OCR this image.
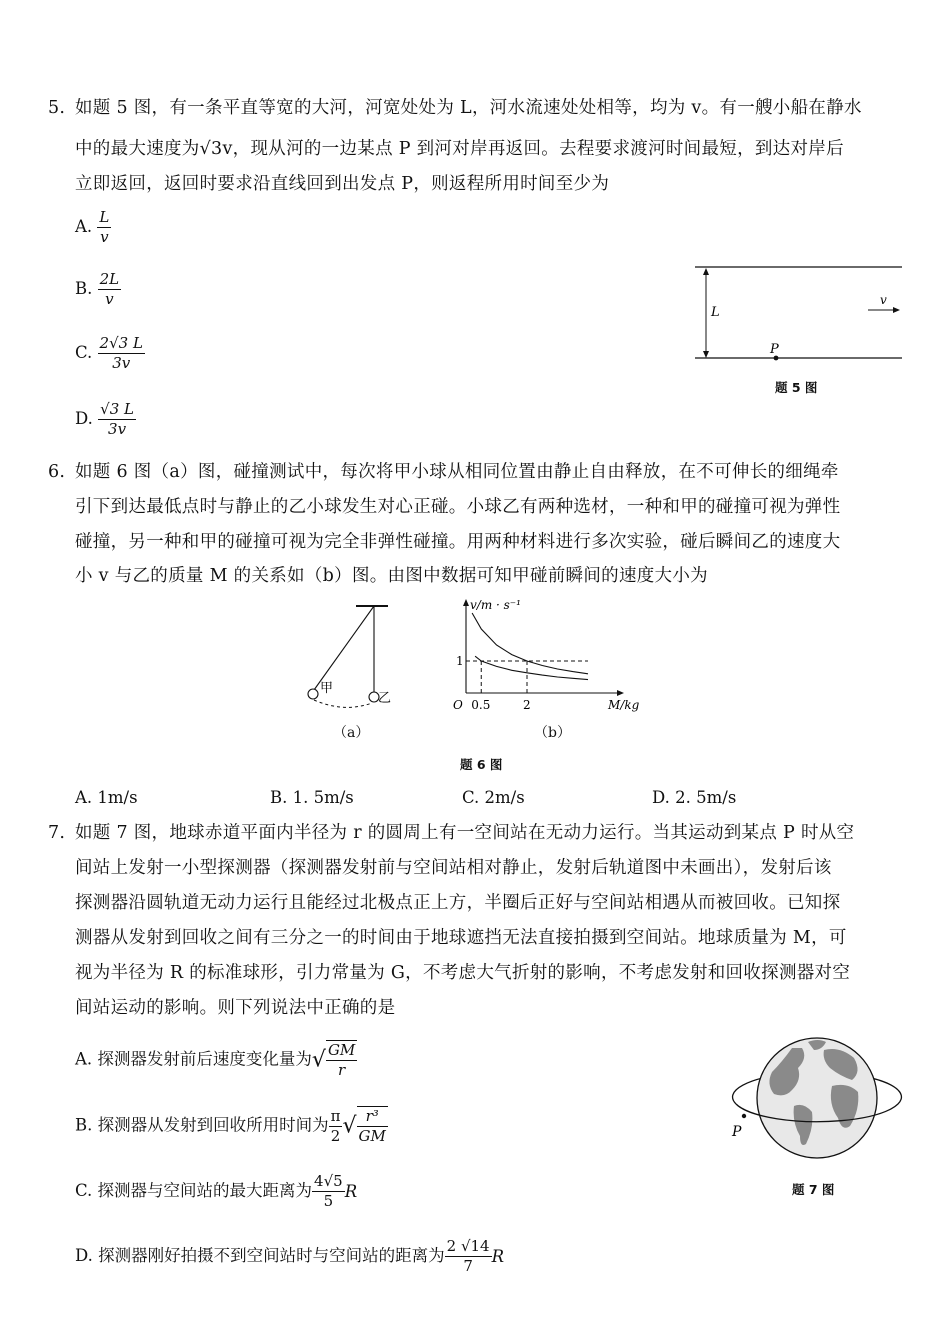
5. 如题 5 图，有一条平直等宽的大河，河宽处处为 L，河水流速处处相等，均为 v。有一艘小船在静水
中的最大速度为√3v，现从河的一边某点 P 到河对岸再返回。去程要求渡河时间最短，到达对岸后
立即返回，返回时要求沿直线回到出发点 P，则返程所用时间至少为
A. $\frac{L}{v}$
B. $\frac{2L}{v}$
C. $\frac{2√3 L}{3v}$
D. $\frac{√3 L}{3v}$
L
v
P
题 5 图
6. 如题 6 图（a）图，碰撞测试中，每次将甲小球从相同位置由静止自由释放，在不可伸长的细绳牵
引下到达最低点时与静止的乙小球发生对心正碰。小球乙有两种选材，一种和甲的碰撞可视为弹性
碰撞，另一种和甲的碰撞可视为完全非弹性碰撞。用两种材料进行多次实验，碰后瞬间乙的速度大
小 v 与乙的质量 M 的关系如（b）图。由图中数据可知甲碰前瞬间的速度大小为
甲
乙
（a）
v/m · s⁻¹
M/kg
O 0.5	2
1
（b）
题 6 图
A. 1m/s	B. 1. 5m/s	C. 2m/s	D. 2. 5m/s
7. 如题 7 图，地球赤道平面内半径为 r 的圆周上有一空间站在无动力运行。当其运动到某点 P 时从空
间站上发射一小型探测器（探测器发射前与空间站相对静止，发射后轨道图中未画出），发射后该
探测器沿圆轨道无动力运行且能经过北极点正上方，半圈后正好与空间站相遇从而被回收。已知探
测器从发射到回收之间有三分之一的时间由于地球遮挡无法直接拍摄到空间站。地球质量为 M，可
视为半径为 R 的标准球形，引力常量为 G，不考虑大气折射的影响，不考虑发射和回收探测器对空
间站运动的影响。则下列说法中正确的是
A. 探测器发射前后速度变化量为√ $\frac{GM}{r}$
B. 探测器从发射到回收所用时间为 $\frac{\pi}{2}$ √ $\frac{\text{r³}}{GM}$
C. 探测器与空间站的最大距离为 $\frac{4√5}{5}$ R
D. 探测器刚好拍摄不到空间站时与空间站的距离为 $\frac{2 √14}{7}$ R
P
题 7 图
